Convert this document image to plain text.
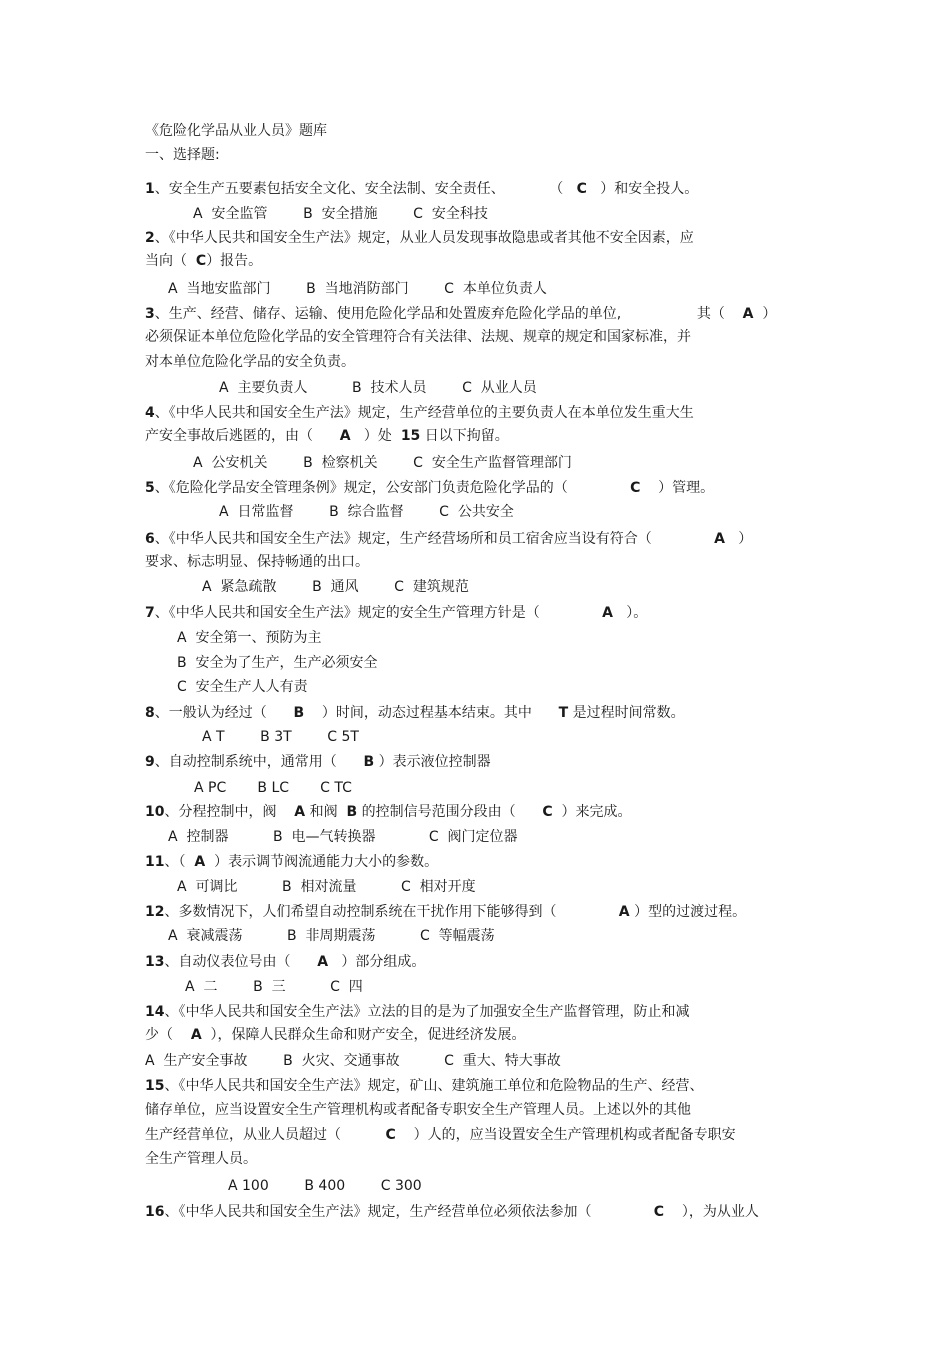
《危险化学品从业人员》题库
一、选择题:
1、安全生产五要素包括安全文化、安全法制、安全责任、          （   C   ）和安全投人。
A  安全监管        B  安全措施        C  安全科技
2、《中华人民共和国安全生产法》规定，从业人员发现事故隐患或者其他不安全因素，应
当向（  C）报告。
A  当地安监部门        B  当地消防部门        C  本单位负责人
3、生产、经营、储存、运输、使用危险化学品和处置废弃危险化学品的单位,                 其（    A  ）
必须保证本单位危险化学品的安全管理符合有关法律、法规、规章的规定和国家标准，并
对本单位危险化学品的安全负责。
A  主要负责人          B  技术人员        C  从业人员
4、《中华人民共和国安全生产法》规定，生产经营单位的主要负责人在本单位发生重大生
产安全事故后逃匿的，由（      A   ）处  15 日以下拘留。
A  公安机关        B  检察机关        C  安全生产监督管理部门
5、《危险化学品安全管理条例》规定，公安部门负责危险化学品的（              C    ）管理。
A  日常监督        B  综合监督        C  公共安全
6、《中华人民共和国安全生产法》规定，生产经营场所和员工宿舍应当设有符合（              A   ）
要求、标志明显、保持畅通的出口。
A  紧急疏散        B  通风        C  建筑规范
7、《中华人民共和国安全生产法》规定的安全生产管理方针是（              A   ）。
A  安全第一、预防为主
B  安全为了生产，生产必须安全
C  安全生产人人有责
8、一般认为经过（      B    ）时间，动态过程基本结束。其中      T 是过程时间常数。
A T        B 3T        C 5T
9、自动控制系统中，通常用（      B ）表示液位控制器
A PC       B LC       C TC
10、分程控制中，阀    A 和阀  B 的控制信号范围分段由（      C  ）来完成。
A  控制器          B  电—气转换器            C  阀门定位器
11、（  A  ）表示调节阀流通能力大小的参数。
A  可调比          B  相对流量          C  相对开度
12、多数情况下，人们希望自动控制系统在干扰作用下能够得到（              A ）型的过渡过程。
A  衰减震荡          B  非周期震荡          C  等幅震荡
13、自动仪表位号由（      A   ）部分组成。
A  二        B  三          C  四
14、《中华人民共和国安全生产法》立法的目的是为了加强安全生产监督管理，防止和减
少（    A  ），保障人民群众生命和财产安全，促进经济发展。
A  生产安全事故        B  火灾、交通事故          C  重大、特大事故
15、《中华人民共和国安全生产法》规定，矿山、建筑施工单位和危险物品的生产、经营、
储存单位，应当设置安全生产管理机构或者配备专职安全生产管理人员。上述以外的其他
生产经营单位，从业人员超过（          C    ）人的，应当设置安全生产管理机构或者配备专职安
全生产管理人员。
A 100        B 400        C 300
16、《中华人民共和国安全生产法》规定，生产经营单位必须依法参加（              C    ），为从业人
